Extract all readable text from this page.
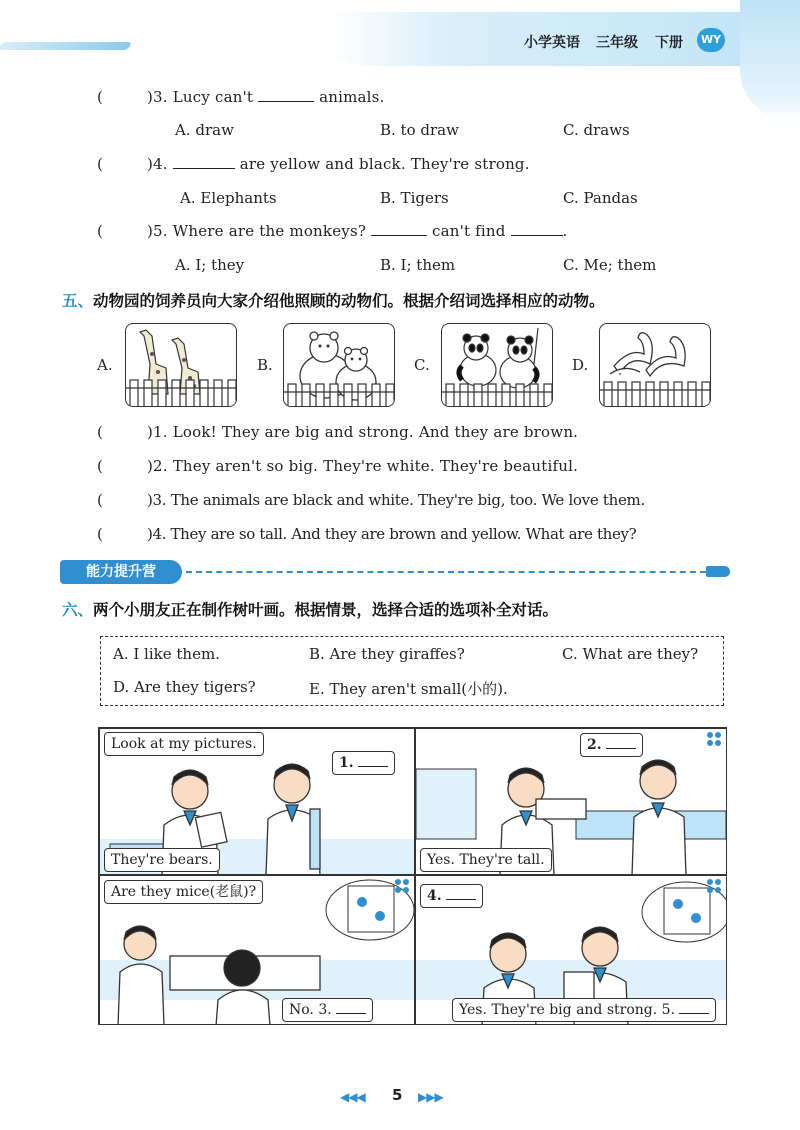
小学英语 三年级 下册	WY
(	)3. Lucy can't	animals.
A. draw	B. to draw	C. draws
(	)4.	are yellow and black. They're strong.
A. Elephants	B. Tigers	C. Pandas
(	)5. Where are the monkeys?	can't find	.
A. I; they	B. I; them	C. Me; them
五、动物园的饲养员向大家介绍他照顾的动物们。根据介绍词选择相应的动物。
A.	B.	C.	D.
(	)1. Look! They are big and strong. And they are brown.
(	)2. They aren't so big. They're white. They're beautiful.
(	)3. The animals are black and white. They're big, too. We love them.
(	)4. They are so tall. And they are brown and yellow. What are they?
能力提升营
六、两个小朋友正在制作树叶画。根据情景，选择合适的选项补全对话。
A. I like them.	B. Are they giraffes?	C. What are they?
D. Are they tigers?	E. They aren't small(小的).
Look at my pictures.
1.
They're bears.
2.
Yes. They're tall.
Are they mice(老鼠)?
No. 3.
4.
Yes. They're big and strong. 5.
◀◀◀ 5 ▶▶▶
